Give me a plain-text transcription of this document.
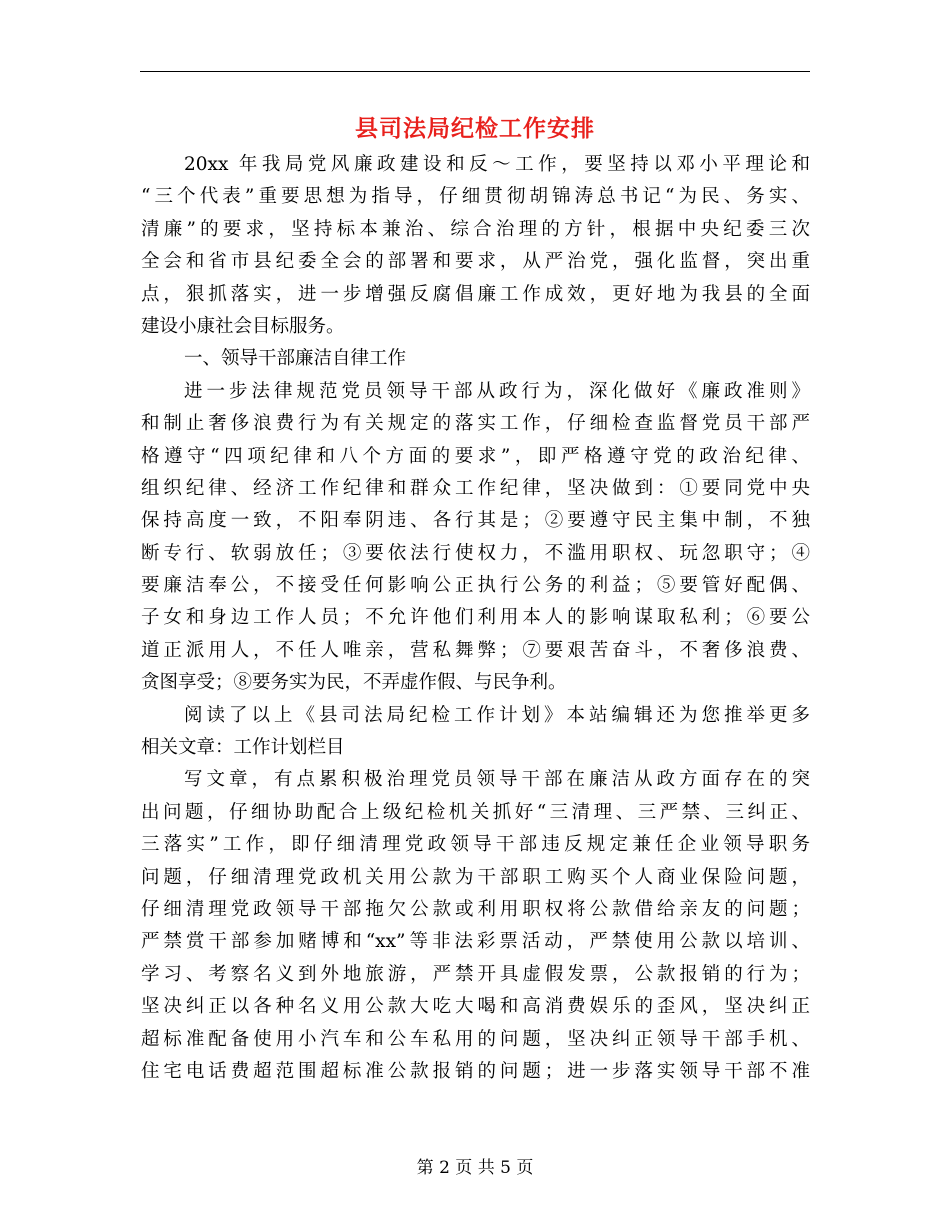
县司法局纪检工作安排
20xx 年我局党风廉政建设和反～工作，要坚持以邓小平理论和
“三个代表”重要思想为指导，仔细贯彻胡锦涛总书记“为民、务实、
清廉”的要求，坚持标本兼治、综合治理的方针，根据中央纪委三次
全会和省市县纪委全会的部署和要求，从严治党，强化监督，突出重
点，狠抓落实，进一步增强反腐倡廉工作成效，更好地为我县的全面
建设小康社会目标服务。
一、领导干部廉洁自律工作
进一步法律规范党员领导干部从政行为，深化做好《廉政准则》
和制止奢侈浪费行为有关规定的落实工作，仔细检查监督党员干部严
格遵守“四项纪律和八个方面的要求”，即严格遵守党的政治纪律、
组织纪律、经济工作纪律和群众工作纪律，坚决做到：①要同党中央
保持高度一致，不阳奉阴违、各行其是；②要遵守民主集中制，不独
断专行、软弱放任；③要依法行使权力，不滥用职权、玩忽职守；④
要廉洁奉公，不接受任何影响公正执行公务的利益；⑤要管好配偶、
子女和身边工作人员；不允许他们利用本人的影响谋取私利；⑥要公
道正派用人，不任人唯亲，营私舞弊；⑦要艰苦奋斗，不奢侈浪费、
贪图享受；⑧要务实为民，不弄虚作假、与民争利。
阅读了以上《县司法局纪检工作计划》本站编辑还为您推举更多
相关文章：工作计划栏目
写文章，有点累积极治理党员领导干部在廉洁从政方面存在的突
出问题，仔细协助配合上级纪检机关抓好“三清理、三严禁、三纠正、
三落实”工作，即仔细清理党政领导干部违反规定兼任企业领导职务
问题，仔细清理党政机关用公款为干部职工购买个人商业保险问题，
仔细清理党政领导干部拖欠公款或利用职权将公款借给亲友的问题；
严禁赏干部参加赌博和“xx”等非法彩票活动，严禁使用公款以培训、
学习、考察名义到外地旅游，严禁开具虚假发票，公款报销的行为；
坚决纠正以各种名义用公款大吃大喝和高消费娱乐的歪风，坚决纠正
超标准配备使用小汽车和公车私用的问题，坚决纠正领导干部手机、
住宅电话费超范围超标准公款报销的问题；进一步落实领导干部不准
第 2 页 共 5 页
